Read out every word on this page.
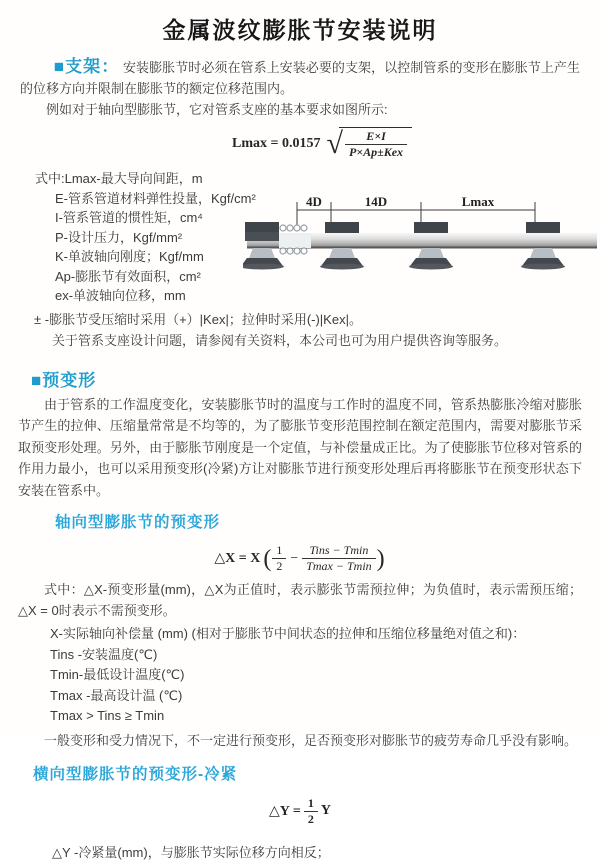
金属波纹膨胀节安装说明

■支架： 安装膨胀节时必须在管系上安装必要的支架，以控制管系的变形在膨胀节上产生的位移方向并限制在膨胀节的额定位移范围内。

例如对于轴向型膨胀节，它对管系支座的基本要求如图所示:

Lmax = 0.0157 √ $\frac{E\times I}{\text{P×Ap±Kex}}$
式中:Lmax-最大导向间距，m
E-管系管道材料弹性投量，Kgf/cm²
I-管系管道的惯性矩，cm⁴
P-设计压力，Kgf/mm²
K-单波轴向刚度；Kgf/mm
Ap-膨胀节有效面积，cm²
ex-单波轴向位移，mm
4D	14D	Lmax

± -膨胀节受压缩时采用（+）|Kex|；拉伸时采用(-)|Kex|。

关于管系支座设计问题，请参阅有关资料，本公司也可为用户提供咨询等服务。

■预变形

由于管系的工作温度变化，安装膨胀节时的温度与工作时的温度不同，管系热膨胀冷缩对膨胀节产生的拉伸、压缩量常常是不均等的，为了膨胀节变形范围控制在额定范围内，需要对膨胀节采取预变形处理。另外，由于膨胀节刚度是一个定值，与补偿量成正比。为了使膨胀节位移对管系的作用力最小，也可以采用预变形(冷紧)方让对膨胀节进行预变形处理后再将膨胀节在预变形状态下安装在管系中。

轴向型膨胀节的预变形
△X = X ( $\frac{1}{2} - \frac{\text{Tins − Tmin}}{Tmax - Tmin}$ )

式中：△X-预变形量(mm)，△X为正值时，表示膨张节需预拉伸；为负值时，表示需预压缩；△X = 0时表示不需预变形。

X-实际轴向补偿量 (mm) (相对于膨胀节中间状态的拉伸和压缩位移量绝对值之和)：
Tins -安装温度(℃)
Tmin-最低设计温度(℃)
Tmax -最高设计温 (℃)
Tmax > Tins ≥ Tmin

一般变形和受力情况下，不一定进行预变形，足否预变形对膨胀节的疲劳寿命几乎没有影响。

横向型膨胀节的预变形-冷紧
△Y = $\frac{1}{2}$ Y

△Y -冷紧量(mm)，与膨胀节实际位移方向相反；
